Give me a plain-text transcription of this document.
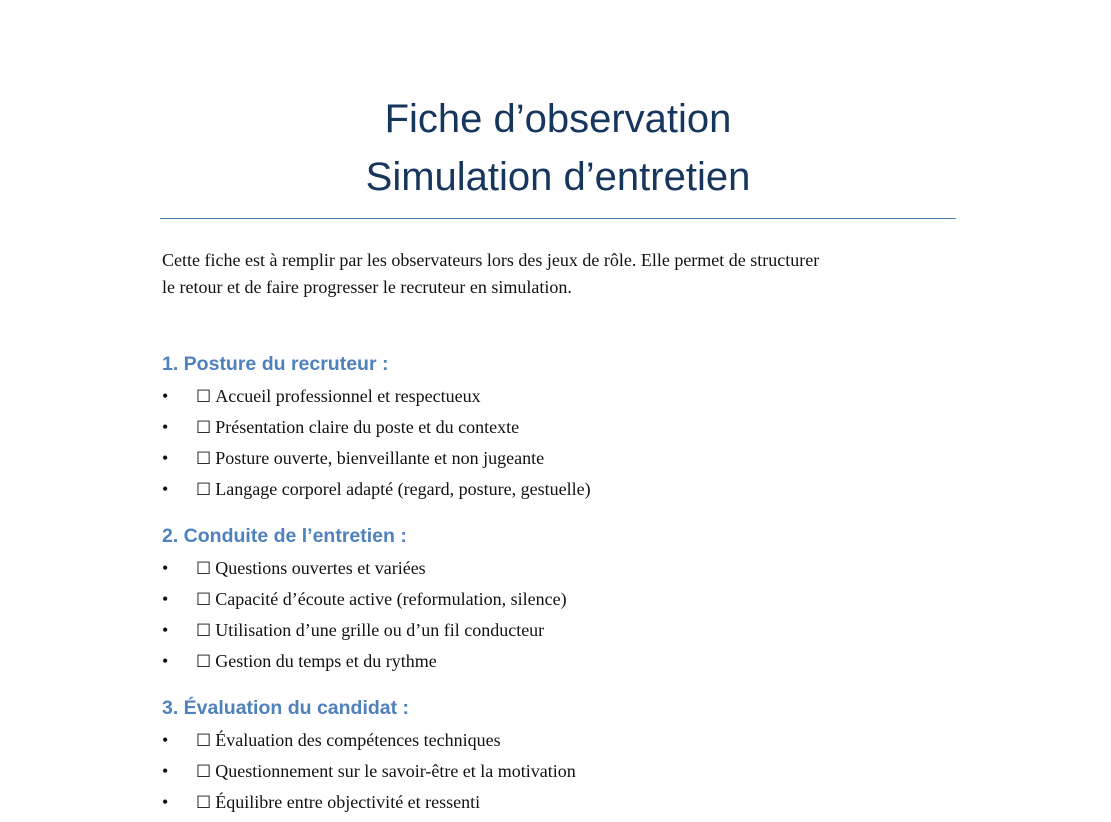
Fiche d’observation
Simulation d’entretien

Cette fiche est à remplir par les observateurs lors des jeux de rôle. Elle permet de structurer
le retour et de faire progresser le recruteur en simulation.

1. Posture du recruteur :
• ☐ Accueil professionnel et respectueux
• ☐ Présentation claire du poste et du contexte
• ☐ Posture ouverte, bienveillante et non jugeante
• ☐ Langage corporel adapté (regard, posture, gestuelle)
2. Conduite de l’entretien :
• ☐ Questions ouvertes et variées
• ☐ Capacité d’écoute active (reformulation, silence)
• ☐ Utilisation d’une grille ou d’un fil conducteur
• ☐ Gestion du temps et du rythme
3. Évaluation du candidat :
• ☐ Évaluation des compétences techniques
• ☐ Questionnement sur le savoir-être et la motivation
• ☐ Équilibre entre objectivité et ressenti
